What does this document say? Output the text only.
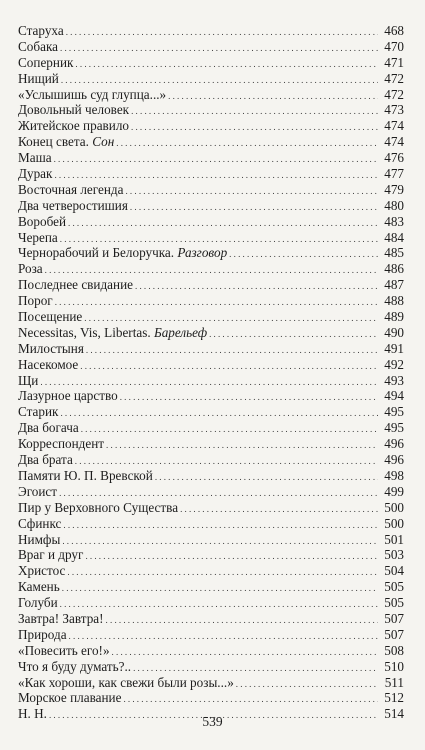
Старуха .....	468
Собака .....	470
Соперник .....	471
Нищий .....	472
«Услышишь суд глупца...» .....	472
Довольный человек .....	473
Житейское правило .....	474
Конец света. Сон .....	474
Маша .....	476
Дурак .....	477
Восточная легенда .....	479
Два четверостишия .....	480
Воробей .....	483
Черепа .....	484
Чернорабочий и Белоручка. Разговор .....	485
Роза .....	486
Последнее свидание .....	487
Порог .....	488
Посещение .....	489
Necessitas, Vis, Libertas. Барельеф .....	490
Милостыня .....	491
Насекомое .....	492
Щи .....	493
Лазурное царство .....	494
Старик .....	495
Два богача .....	495
Корреспондент .....	496
Два брата .....	496
Памяти Ю. П. Вревской .....	498
Эгоист .....	499
Пир у Верховного Существа .....	500
Сфинкс .....	500
Нимфы .....	501
Враг и друг .....	503
Христос .....	504
Камень .....	505
Голуби .....	505
Завтра! Завтра! .....	507
Природа .....	507
«Повесить его!» .....	508
Что я буду думать?.. .....	510
«Как хороши, как свежи были розы...» .....	511
Морское плавание .....	512
Н. Н. .....	514
539
